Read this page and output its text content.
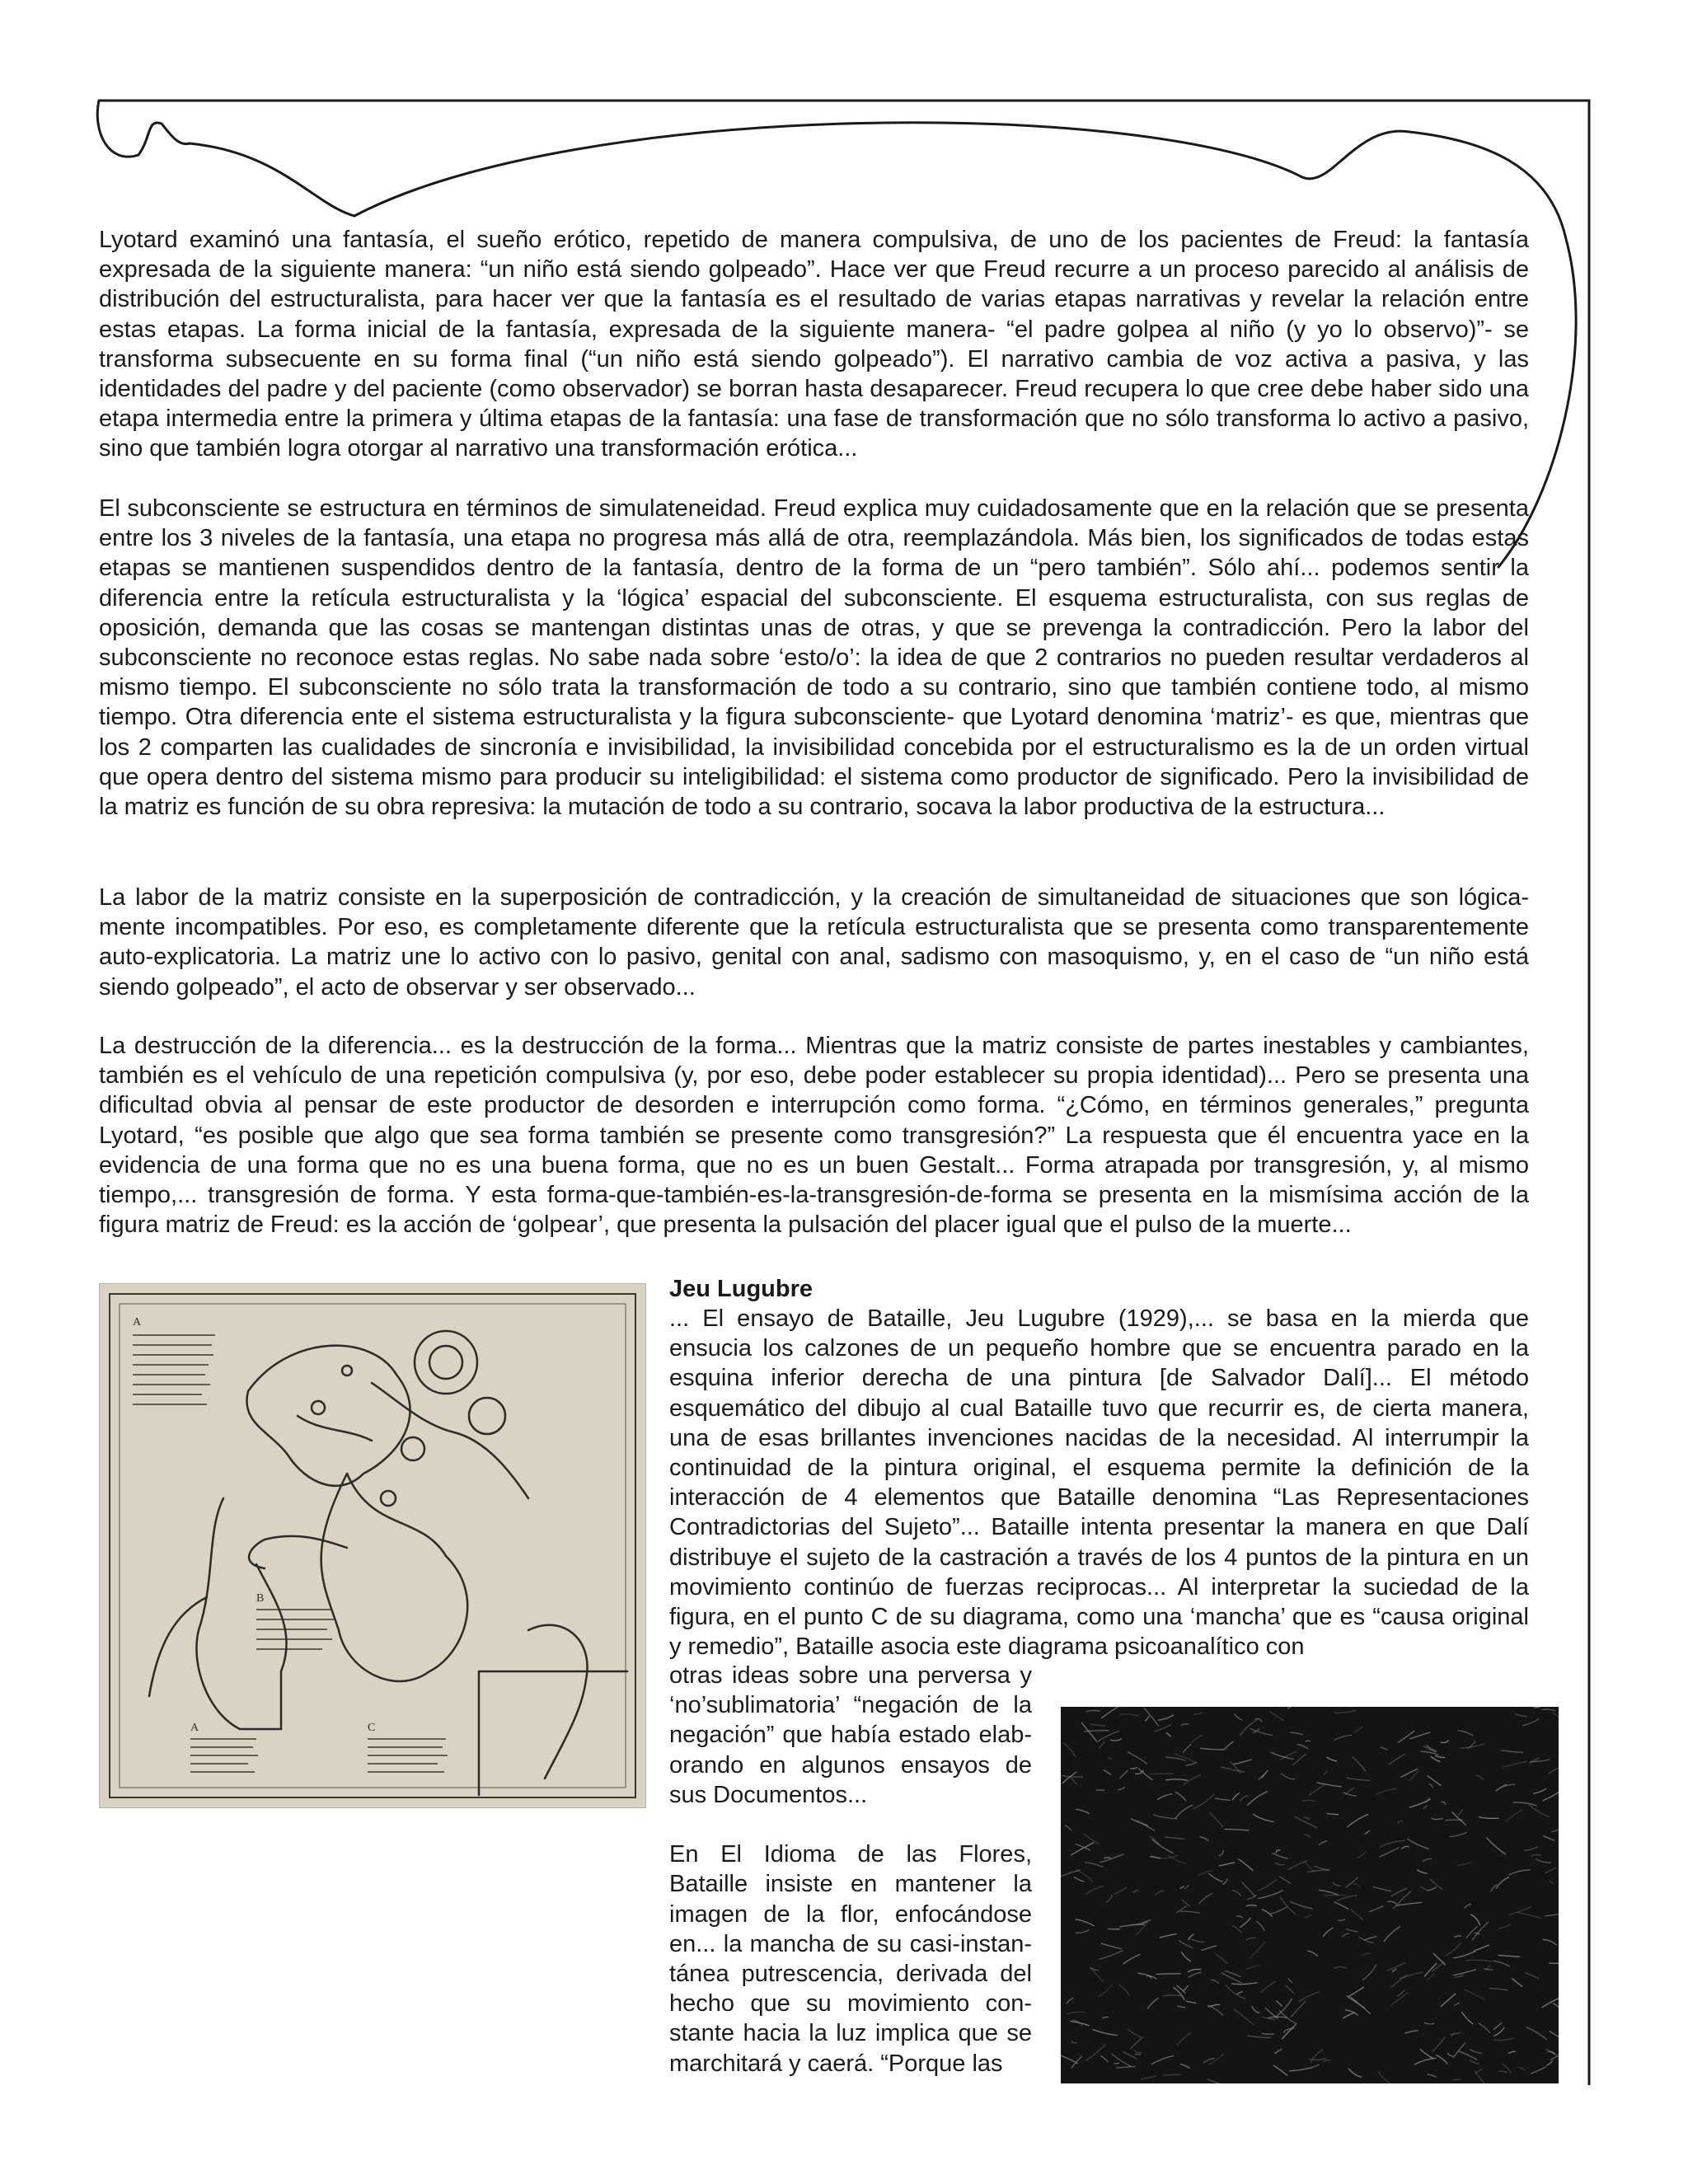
Lyotard examinó una fantasía, el sueño erótico, repetido de manera compulsiva, de uno de los pacientes de Freud: la fantasía expresada de la siguiente manera: “un niño está siendo golpeado”. Hace ver que Freud recurre a un proceso parecido al análisis de distribución del estructuralista, para hacer ver que la fantasía es el resultado de varias etapas narrativas y revelar la relación entre estas etapas. La forma inicial de la fantasía, expresada de la siguiente manera- “el padre golpea al niño (y yo lo observo)”- se transforma subsecuente en su forma final (“un niño está siendo golpeado”). El narrativo cambia de voz activa a pasiva, y las identidades del padre y del paciente (como observador) se borran hasta desaparecer. Freud recupera lo que cree debe haber sido una etapa intermedia entre la primera y última etapas de la fantasía: una fase de transformación que no sólo transforma lo activo a pasivo, sino que también logra otorgar al narrativo una transformación erótica...

El subconsciente se estructura en términos de simulateneidad. Freud explica muy cuidadosamente que en la relación que se presenta entre los 3 niveles de la fantasía, una etapa no progresa más allá de otra, reemplazándola. Más bien, los significados de todas estas etapas se mantienen suspendidos dentro de la fantasía, dentro de la forma de un “pero también”. Sólo ahí... podemos sentir la diferencia entre la retícula estructuralista y la ‘lógica’ espacial del subconsciente. El esquema estructuralista, con sus reglas de oposición, demanda que las cosas se mantengan distintas unas de otras, y que se prevenga la contradicción. Pero la labor del subconsciente no reconoce estas reglas. No sabe nada sobre ‘esto/o’: la idea de que 2 contrarios no pueden resultar verdaderos al mismo tiempo. El subconsciente no sólo trata la transformación de todo a su contrario, sino que también contiene todo, al mismo tiempo. Otra diferencia ente el sistema estructuralista y la figura subconsciente- que Lyotard denomina ‘matriz’- es que, mientras que los 2 comparten las cualidades de sincronía e invisibilidad, la invisibilidad concebida por el estructuralismo es la de un orden virtual que opera dentro del sistema mismo para producir su inteligibilidad: el sistema como productor de significado. Pero la invisibilidad de la matriz es función de su obra represiva: la mutación de todo a su contrario, socava la labor productiva de la estructura...

La labor de la matriz consiste en la superposición de contradicción, y la creación de simultaneidad de situaciones que son lógica-mente incompatibles. Por eso, es completamente diferente que la retícula estructuralista que se presenta como transparentemente auto-explicatoria. La matriz une lo activo con lo pasivo, genital con anal, sadismo con masoquismo, y, en el caso de “un niño está siendo golpeado”, el acto de observar y ser observado...

La destrucción de la diferencia... es la destrucción de la forma... Mientras que la matriz consiste de partes inestables y cambiantes, también es el vehículo de una repetición compulsiva (y, por eso, debe poder establecer su propia identidad)... Pero se presenta una dificultad obvia al pensar de este productor de desorden e interrupción como forma. “¿Cómo, en términos generales,” pregunta Lyotard, “es posible que algo que sea forma también se presente como transgresión?” La respuesta que él encuentra yace en la evidencia de una forma que no es una buena forma, que no es un buen Gestalt... Forma atrapada por transgresión, y, al mismo tiempo,... transgresión de forma. Y esta forma-que-también-es-la-transgresión-de-forma se presenta en la mismísima acción de la figura matriz de Freud: es la acción de ‘golpear’, que presenta la pulsación del placer igual que el pulso de la muerte...

A
B
A	C
Jeu Lugubre

... El ensayo de Bataille, Jeu Lugubre (1929),... se basa en la mierda que ensucia los calzones de un pequeño hombre que se encuentra parado en la esquina inferior derecha de una pintura [de Salvador Dalí]... El método esquemático del dibujo al cual Bataille tuvo que recurrir es, de cierta manera, una de esas brillantes invenciones nacidas de la necesidad. Al interrumpir la continuidad de la pintura original, el esquema permite la definición de la interacción de 4 elementos que Bataille denomina “Las Representaciones Contradictorias del Sujeto”... Bataille intenta presentar la manera en que Dalí distribuye el sujeto de la castración a través de los 4 puntos de la pintura en un movimiento continúo de fuerzas reciprocas... Al interpretar la suciedad de la figura, en el punto C de su diagrama, como una ‘mancha’ que es “causa original y remedio”, Bataille asocia este diagrama psicoanalítico con

otras ideas sobre una perversa y ‘no’sublimatoria’ “negación de la negación” que había estado elab-orando en algunos ensayos de sus Documentos...

En El Idioma de las Flores, Bataille insiste en mantener la imagen de la flor, enfocándose en... la mancha de su casi-instan-tánea putrescencia, derivada del hecho que su movimiento con-stante hacia la luz implica que se marchitará y caerá. “Porque las
